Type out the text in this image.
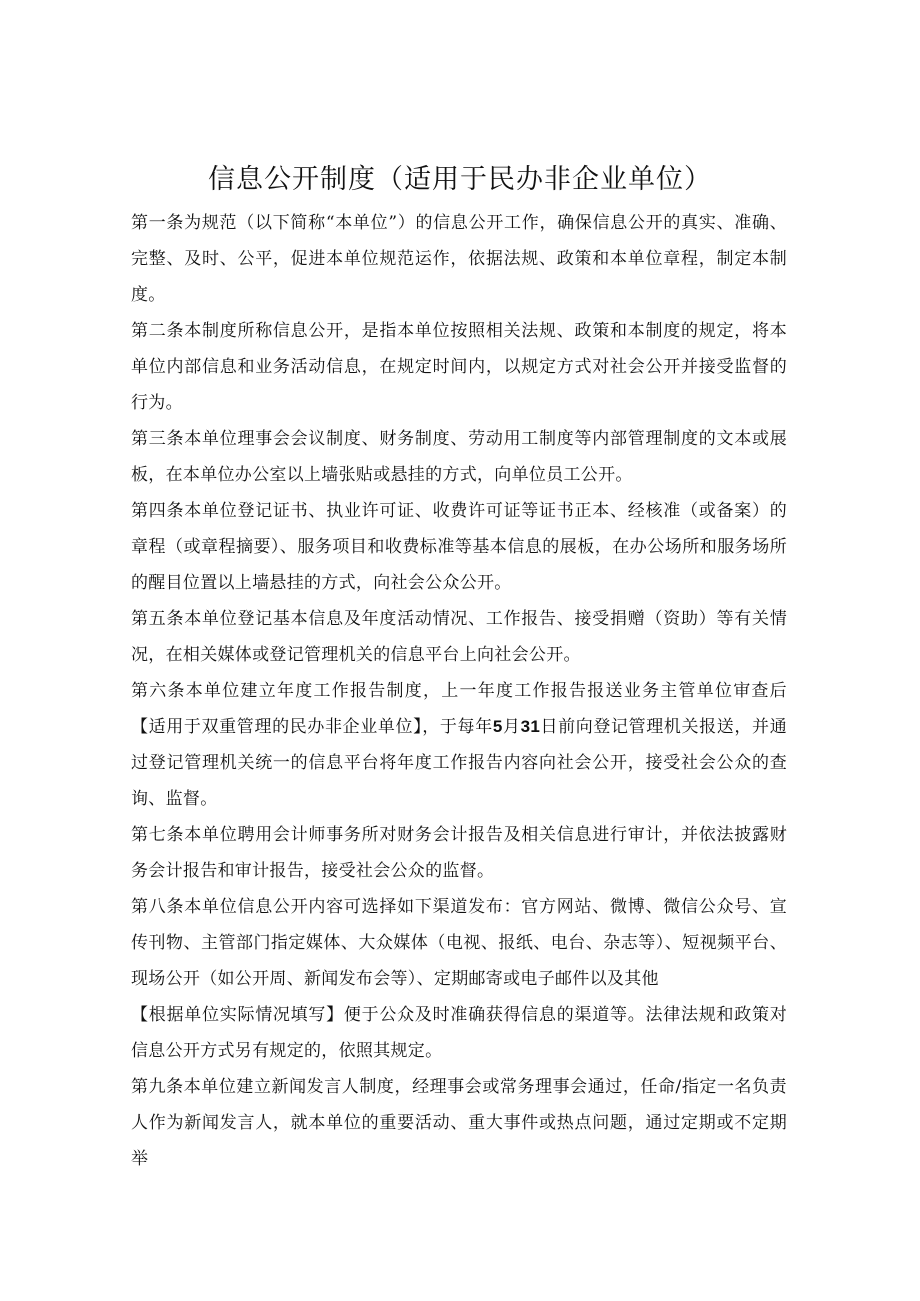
信息公开制度（适用于民办非企业单位）

第一条为规范（以下简称“本单位”）的信息公开工作，确保信息公开的真实、准确、完整、及时、公平，促进本单位规范运作，依据法规、政策和本单位章程，制定本制度。

第二条本制度所称信息公开，是指本单位按照相关法规、政策和本制度的规定，将本单位内部信息和业务活动信息，在规定时间内，以规定方式对社会公开并接受监督的行为。

第三条本单位理事会会议制度、财务制度、劳动用工制度等内部管理制度的文本或展板，在本单位办公室以上墙张贴或悬挂的方式，向单位员工公开。

第四条本单位登记证书、执业许可证、收费许可证等证书正本、经核准（或备案）的章程（或章程摘要）、服务项目和收费标准等基本信息的展板，在办公场所和服务场所的醒目位置以上墙悬挂的方式，向社会公众公开。

第五条本单位登记基本信息及年度活动情况、工作报告、接受捐赠（资助）等有关情况，在相关媒体或登记管理机关的信息平台上向社会公开。

第六条本单位建立年度工作报告制度，上一年度工作报告报送业务主管单位审查后【适用于双重管理的民办非企业单位】，于每年5月31日前向登记管理机关报送，并通过登记管理机关统一的信息平台将年度工作报告内容向社会公开，接受社会公众的查询、监督。

第七条本单位聘用会计师事务所对财务会计报告及相关信息进行审计，并依法披露财务会计报告和审计报告，接受社会公众的监督。

第八条本单位信息公开内容可选择如下渠道发布：官方网站、微博、微信公众号、宣传刊物、主管部门指定媒体、大众媒体（电视、报纸、电台、杂志等）、短视频平台、现场公开（如公开周、新闻发布会等）、定期邮寄或电子邮件以及其他

【根据单位实际情况填写】便于公众及时准确获得信息的渠道等。法律法规和政策对信息公开方式另有规定的，依照其规定。

第九条本单位建立新闻发言人制度，经理事会或常务理事会通过，任命/指定一名负责人作为新闻发言人，就本单位的重要活动、重大事件或热点问题，通过定期或不定期举
